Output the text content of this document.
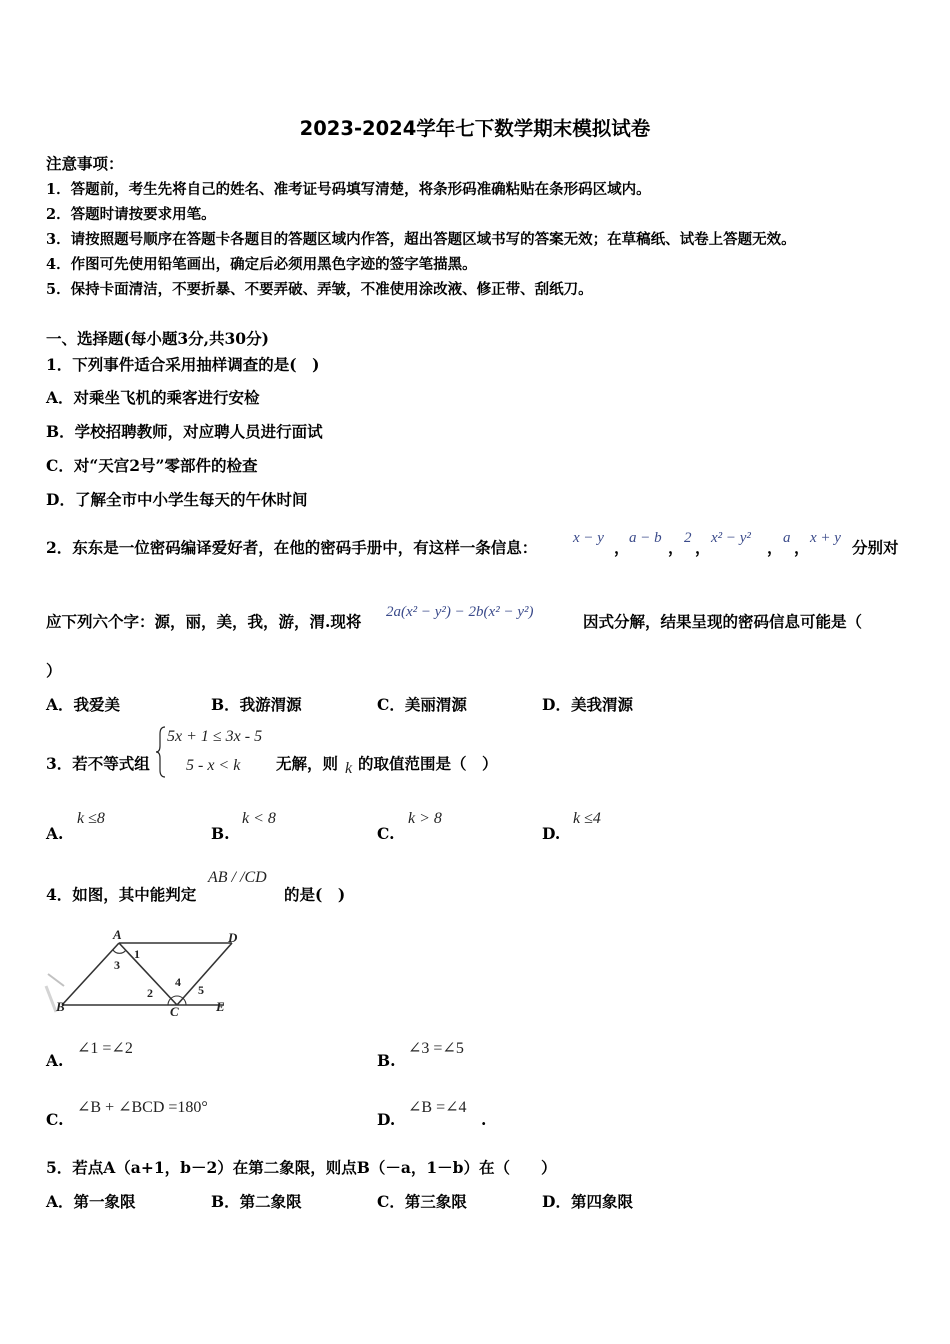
2023-2024学年七下数学期末模拟试卷
注意事项：
1．答题前，考生先将自己的姓名、准考证号码填写清楚，将条形码准确粘贴在条形码区域内。
2．答题时请按要求用笔。
3．请按照题号顺序在答题卡各题目的答题区域内作答，超出答题区域书写的答案无效；在草稿纸、试卷上答题无效。
4．作图可先使用铅笔画出，确定后必须用黑色字迹的签字笔描黑。
5．保持卡面清洁，不要折暴、不要弄破、弄皱，不准使用涂改液、修正带、刮纸刀。
一、选择题(每小题3分,共30分)
1．下列事件适合采用抽样调查的是(　)
A．对乘坐飞机的乘客进行安检
B．学校招聘教师，对应聘人员进行面试
C．对“天宫2号”零部件的检查
D．了解全市中小学生每天的午休时间
2．东东是一位密码编译爱好者，在他的密码手册中，有这样一条信息： x − y ， a − b ， 2 ， x² − y² ， a ， x + y 分别对
应下列六个字：源，丽，美，我，游，渭.现将 2a(x² − y²) − 2b(x² − y²)	因式分解，结果呈现的密码信息可能是（
）
A．我爱美	B．我游渭源	C．美丽渭源	D．美我渭源
3．若不等式组
5x + 1 ≤ 3x - 5
5 - x < k 无解，则 k 的取值范围是（　）
A.
k ≤8
B.
k < 8
C.
k > 8
D.
k ≤4
4．如图，其中能判定
AB / /CD
的是(　)
A	D
3
1
B
2
C
4
5
E
A.
∠1 =∠2
B.
∠3 =∠5
C.
∠B + ∠BCD =180°
D.
∠B =∠4
.
5．若点A（a+1，b－2）在第二象限，则点B（－a，1－b）在（　　）
A．第一象限	B．第二象限	C．第三象限	D．第四象限
